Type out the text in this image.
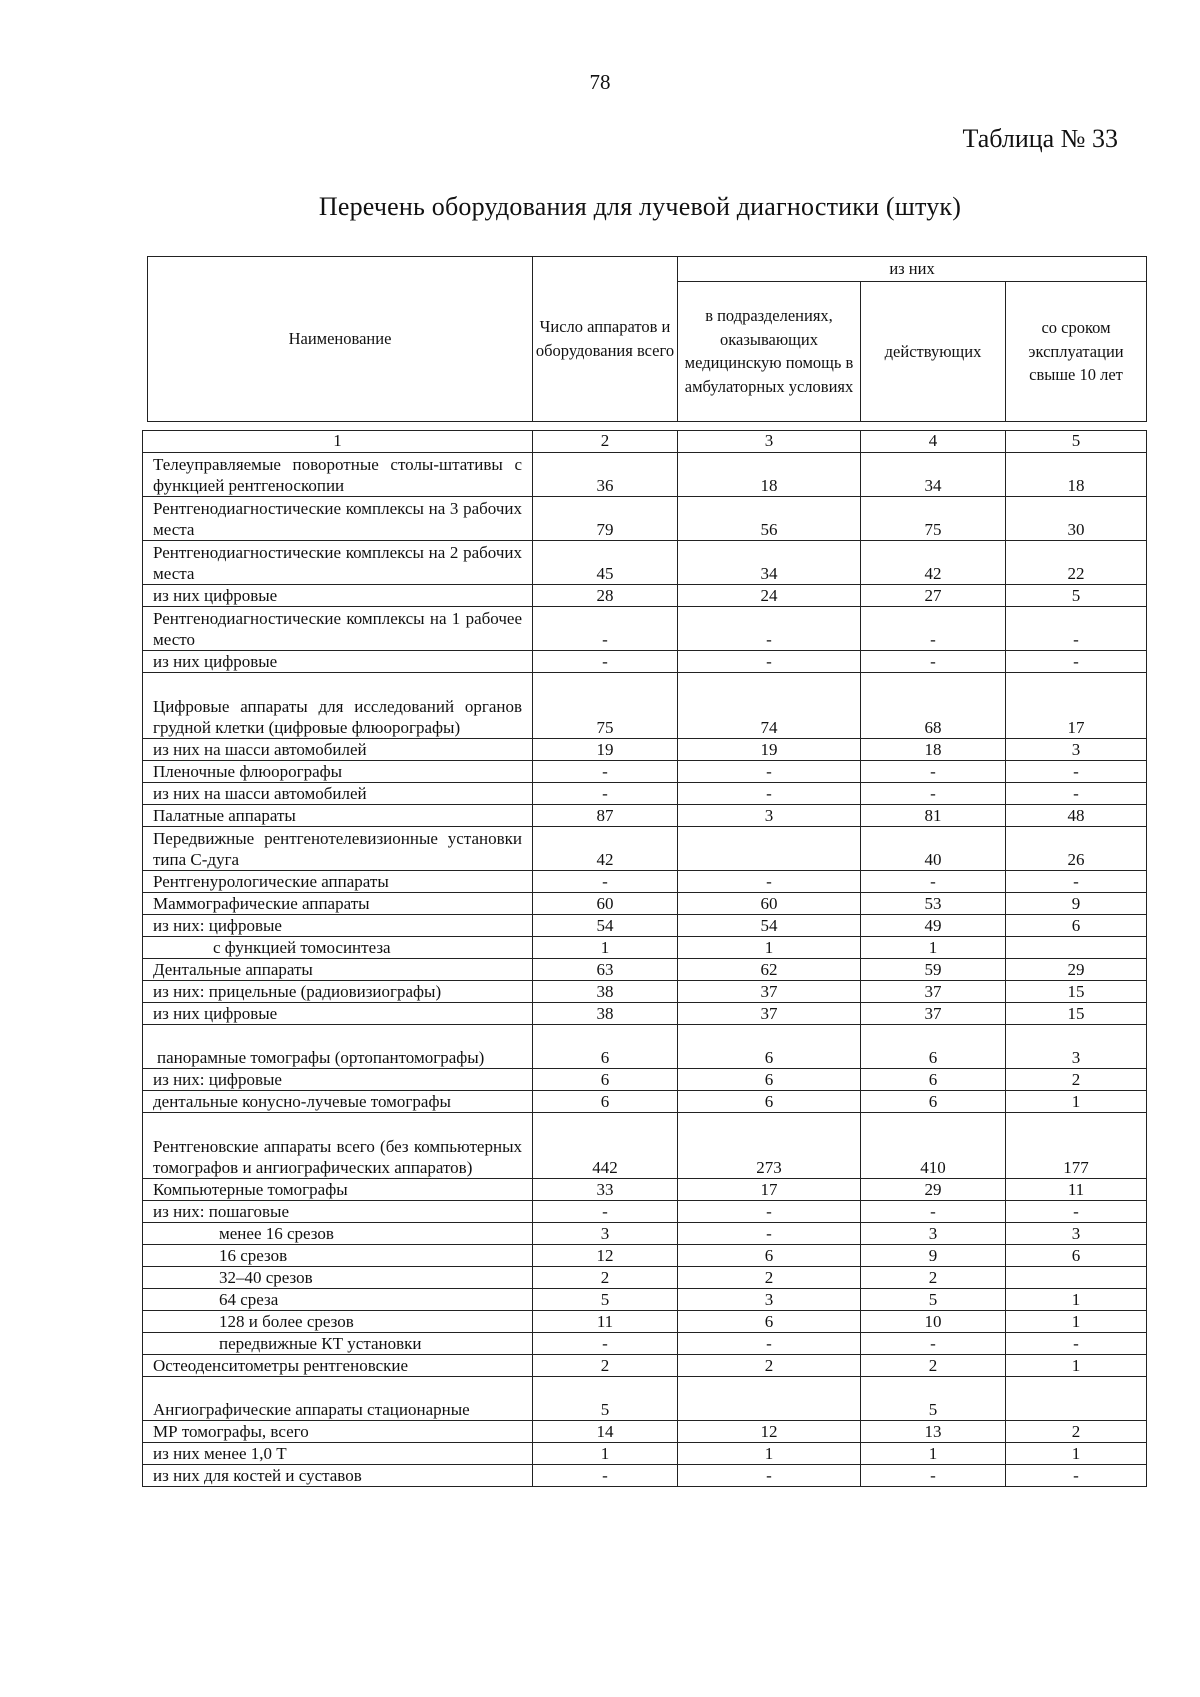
78
Таблица № 33
Перечень оборудования для лучевой диагностики (штук)
Наименование	Число аппаратов и оборудования всего	из них		
		в подразделениях, оказывающих медицинскую помощь в амбулаторных условиях	действующих	со сроком эксплуатации свыше 10 лет
1	2	3	4	5
Телеуправляемые поворотные столы-штативы с функцией рентгеноскопии	36	18	34	18
Рентгенодиагностические комплексы на 3 рабочих места	79	56	75	30
Рентгенодиагностические комплексы на 2 рабочих места	45	34	42	22
из них цифровые	28	24	27	5
Рентгенодиагностические комплексы на 1 рабочее место	-	-	-	-
из них цифровые	-	-	-	-
Цифровые аппараты для исследований органов грудной клетки (цифровые флюорографы)	75	74	68	17
из них на шасси автомобилей	19	19	18	3
Пленочные флюорографы	-	-	-	-
из них на шасси автомобилей	-	-	-	-
Палатные аппараты	87	3	81	48
Передвижные рентгенотелевизионные установки типа С-дуга	42		40	26
Рентгенурологические аппараты	-	-	-	-
Маммографические аппараты	60	60	53	9
из них: цифровые	54	54	49	6
с функцией томосинтеза	1	1	1	
Дентальные аппараты	63	62	59	29
из них: прицельные (радиовизиографы)	38	37	37	15
из них цифровые	38	37	37	15
панорамные томографы (ортопантомографы)	6	6	6	3
из них: цифровые	6	6	6	2
дентальные конусно-лучевые томографы	6	6	6	1
Рентгеновские аппараты всего (без компьютерных томографов и ангиографических аппаратов)	442	273	410	177
Компьютерные томографы	33	17	29	11
из них: пошаговые	-	-	-	-
менее 16 срезов	3	-	3	3
16 срезов	12	6	9	6
32–40 срезов	2	2	2	
64 среза	5	3	5	1
128 и более срезов	11	6	10	1
передвижные КТ установки	-	-	-	-
Остеоденситометры рентгеновские	2	2	2	1
Ангиографические аппараты стационарные	5		5	
МР томографы, всего	14	12	13	2
из них менее 1,0 Т	1	1	1	1
из них для костей и суставов	-	-	-	-
